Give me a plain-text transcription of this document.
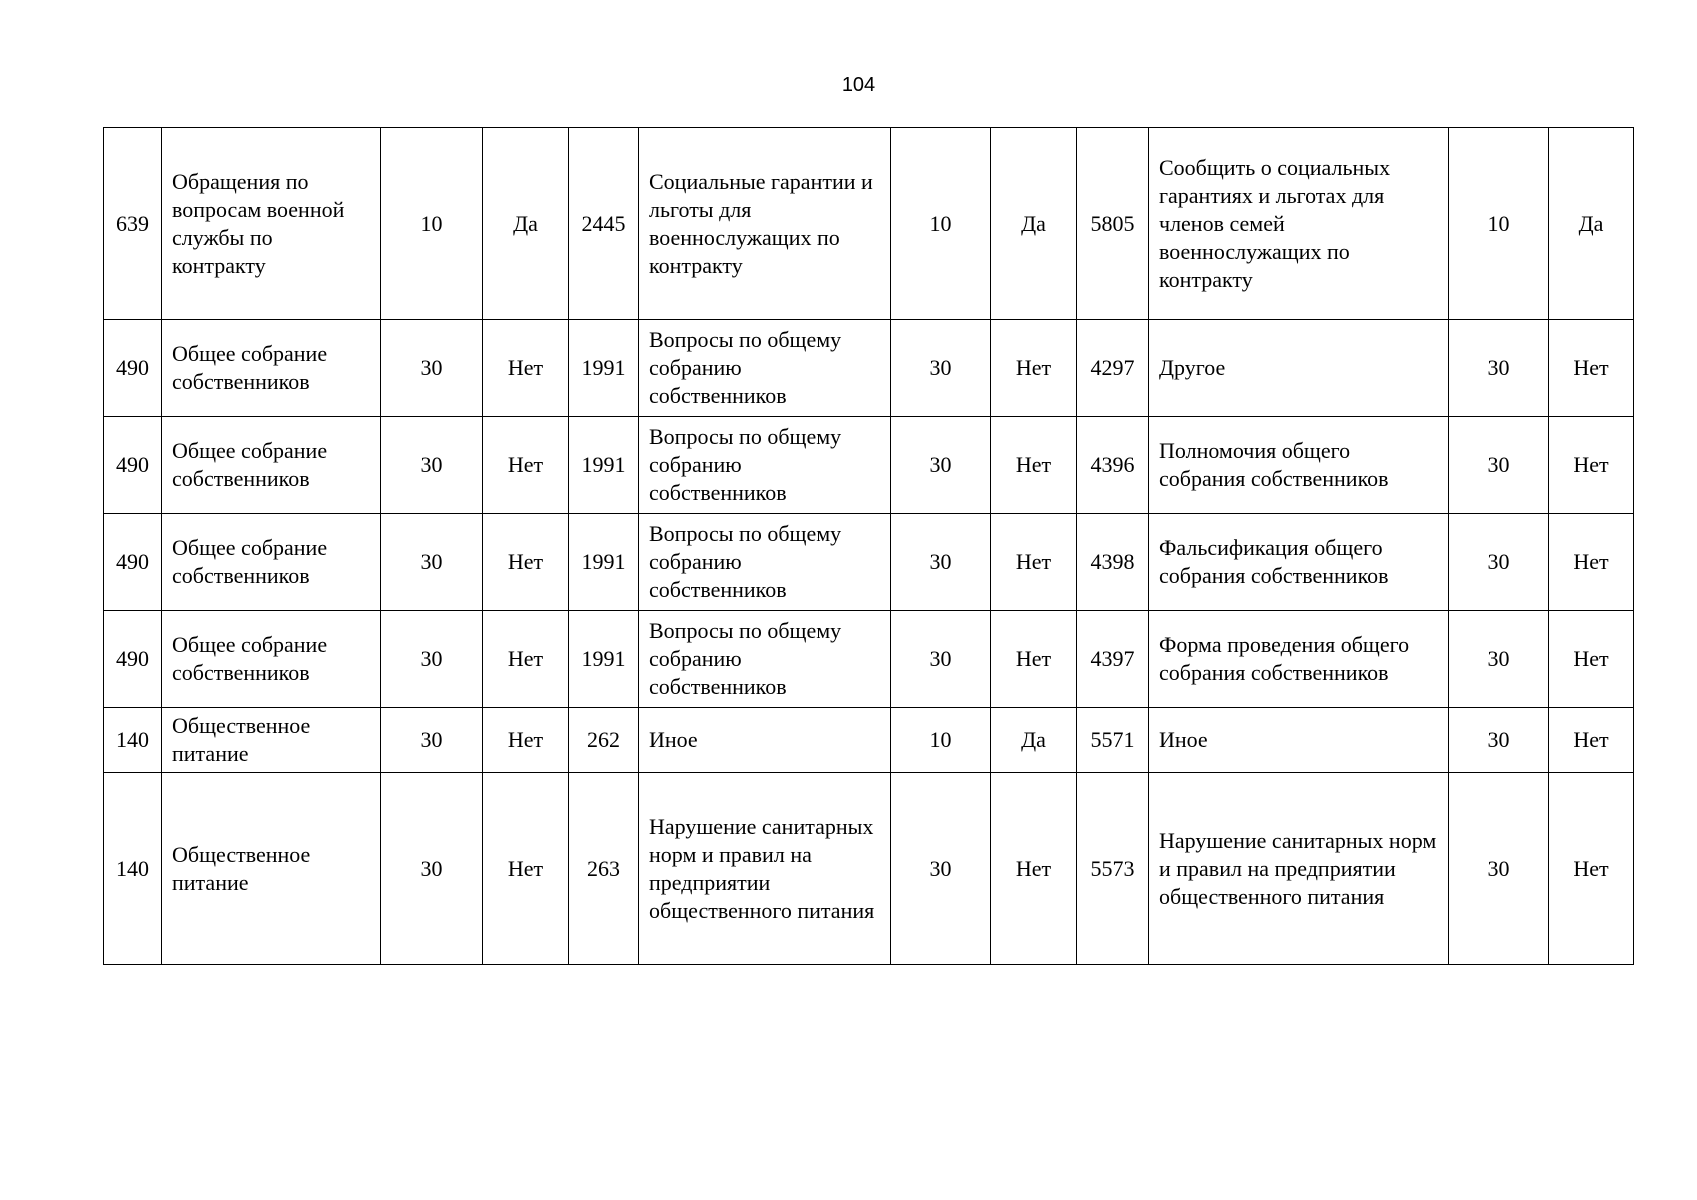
104
639	Обращения по вопросам военной службы по контракту	10	Да	2445	Социальные гарантии и льготы для военнослужащих по контракту	10	Да	5805	Сообщить о социальных гарантиях и льготах для членов семей военнослужащих по контракту	10	Да
490	Общее собрание собственников	30	Нет	1991	Вопросы по общему собранию собственников	30	Нет	4297	Другое	30	Нет
490	Общее собрание собственников	30	Нет	1991	Вопросы по общему собранию собственников	30	Нет	4396	Полномочия общего собрания собственников	30	Нет
490	Общее собрание собственников	30	Нет	1991	Вопросы по общему собранию собственников	30	Нет	4398	Фальсификация общего собрания собственников	30	Нет
490	Общее собрание собственников	30	Нет	1991	Вопросы по общему собранию собственников	30	Нет	4397	Форма проведения общего собрания собственников	30	Нет
140	Общественное питание	30	Нет	262	Иное	10	Да	5571	Иное	30	Нет
140	Общественное питание	30	Нет	263	Нарушение санитарных норм и правил на предприятии общественного питания	30	Нет	5573	Нарушение санитарных норм и правил на предприятии общественного питания	30	Нет
